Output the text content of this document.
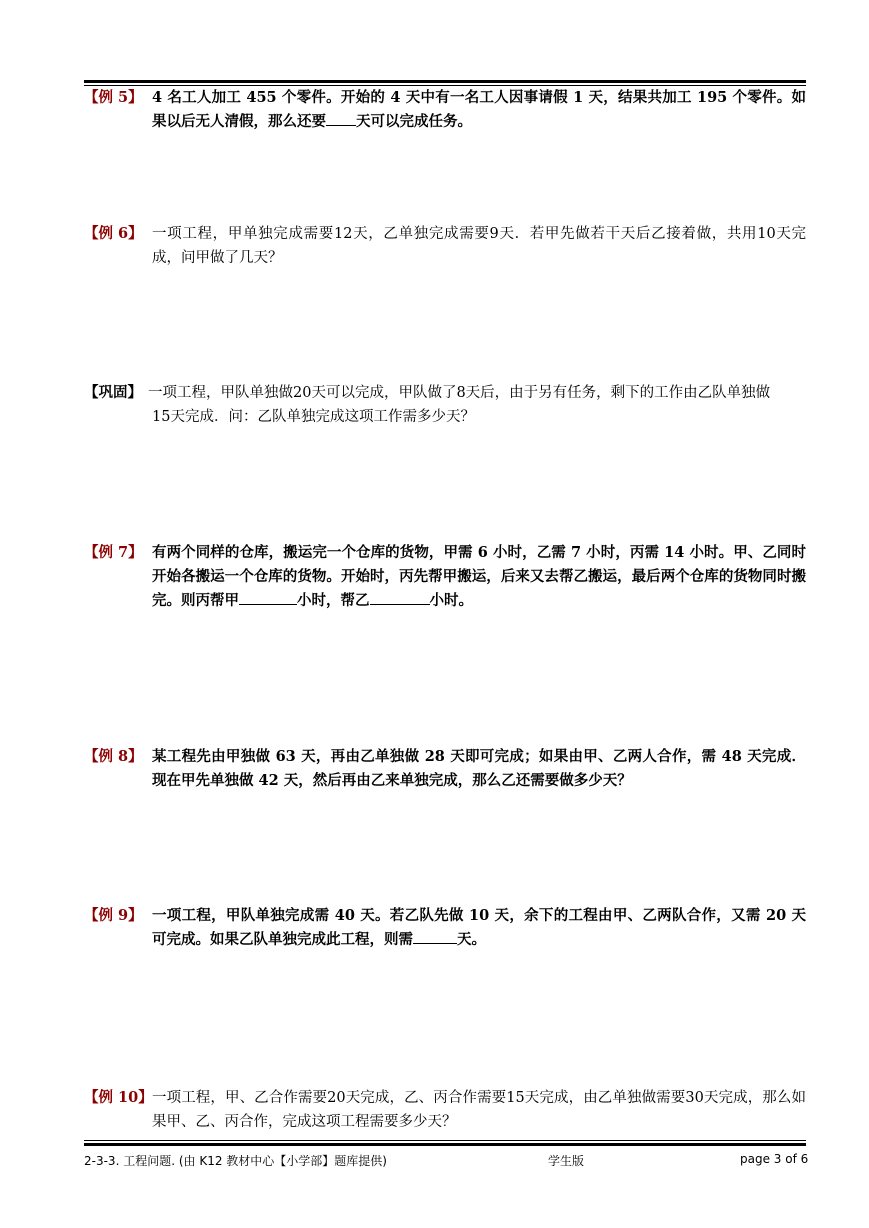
【例 5】 4 名工人加工 455 个零件。开始的 4 天中有一名工人因事请假 1 天，结果共加工 195 个零件。如果以后无人清假，那么还要 天可以完成任务。
【例 6】 一项工程，甲单独完成需要12天，乙单独完成需要9天．若甲先做若干天后乙接着做，共用10天完成，问甲做了几天？
【巩固】 一项工程，甲队单独做20天可以完成，甲队做了8天后，由于另有任务，剩下的工作由乙队单独做
15天完成．问：乙队单独完成这项工作需多少天？
【例 7】 有两个同样的仓库，搬运完一个仓库的货物，甲需 6 小时，乙需 7 小时，丙需 14 小时。甲、乙同时开始各搬运一个仓库的货物。开始时，丙先帮甲搬运，后来又去帮乙搬运，最后两个仓库的货物同时搬完。则丙帮甲	小时，帮乙	小时。
【例 8】 某工程先由甲独做 63 天，再由乙单独做 28 天即可完成；如果由甲、乙两人合作，需 48 天完成．现在甲先单独做 42 天，然后再由乙来单独完成，那么乙还需要做多少天？
【例 9】 一项工程，甲队单独完成需 40 天。若乙队先做 10 天，余下的工程由甲、乙两队合作，又需 20 天可完成。如果乙队单独完成此工程，则需	天。
【例 10】 一项工程，甲、乙合作需要20天完成，乙、丙合作需要15天完成，由乙单独做需要30天完成，那么如果甲、乙、丙合作，完成这项工程需要多少天？
2-3-3. 工程问题. (由 K12 教材中心【小学部】题库提供)	学生版	page 3 of 6
